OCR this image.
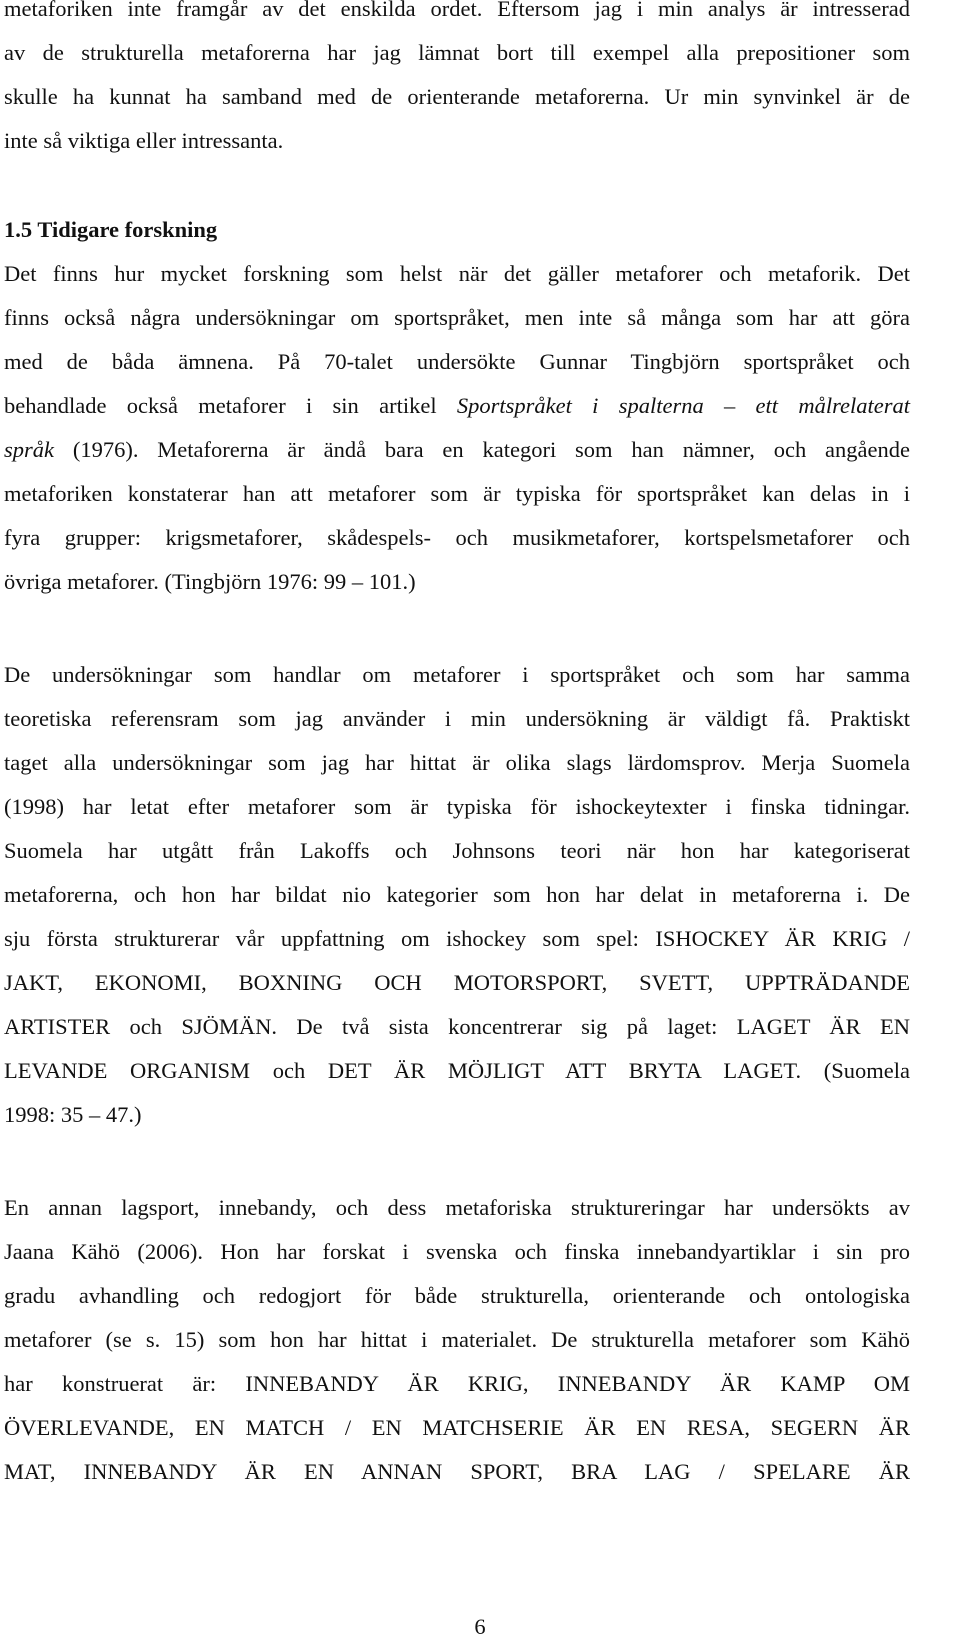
metaforiken inte framgår av det enskilda ordet. Eftersom jag i min analys är intresserad
av de strukturella metaforerna har jag lämnat bort till exempel alla prepositioner som
skulle ha kunnat ha samband med de orienterande metaforerna. Ur min synvinkel är de
inte så viktiga eller intressanta.
1.5 Tidigare forskning
Det finns hur mycket forskning som helst när det gäller metaforer och metaforik. Det
finns också några undersökningar om sportspråket, men inte så många som har att göra
med de båda ämnena. På 70-talet undersökte Gunnar Tingbjörn sportspråket och
behandlade också metaforer i sin artikel Sportspråket i spalterna – ett målrelaterat
språk (1976). Metaforerna är ändå bara en kategori som han nämner, och angående
metaforiken konstaterar han att metaforer som är typiska för sportspråket kan delas in i
fyra grupper: krigsmetaforer, skådespels- och musikmetaforer, kortspelsmetaforer och
övriga metaforer. (Tingbjörn 1976: 99 – 101.)
De undersökningar som handlar om metaforer i sportspråket och som har samma
teoretiska referensram som jag använder i min undersökning är väldigt få. Praktiskt
taget alla undersökningar som jag har hittat är olika slags lärdomsprov. Merja Suomela
(1998) har letat efter metaforer som är typiska för ishockeytexter i finska tidningar.
Suomela har utgått från Lakoffs och Johnsons teori när hon har kategoriserat
metaforerna, och hon har bildat nio kategorier som hon har delat in metaforerna i. De
sju första strukturerar vår uppfattning om ishockey som spel: ISHOCKEY ÄR KRIG /
JAKT, EKONOMI, BOXNING OCH MOTORSPORT, SVETT, UPPTRÄDANDE
ARTISTER och SJÖMÄN. De två sista koncentrerar sig på laget: LAGET ÄR EN
LEVANDE ORGANISM och DET ÄR MÖJLIGT ATT BRYTA LAGET. (Suomela
1998: 35 – 47.)
En annan lagsport, innebandy, och dess metaforiska struktureringar har undersökts av
Jaana Kähö (2006). Hon har forskat i svenska och finska innebandyartiklar i sin pro
gradu avhandling och redogjort för både strukturella, orienterande och ontologiska
metaforer (se s. 15) som hon har hittat i materialet. De strukturella metaforer som Kähö
har konstruerat är: INNEBANDY ÄR KRIG, INNEBANDY ÄR KAMP OM
ÖVERLEVANDE, EN MATCH / EN MATCHSERIE ÄR EN RESA, SEGERN ÄR
MAT, INNEBANDY ÄR EN ANNAN SPORT, BRA LAG / SPELARE ÄR
6
